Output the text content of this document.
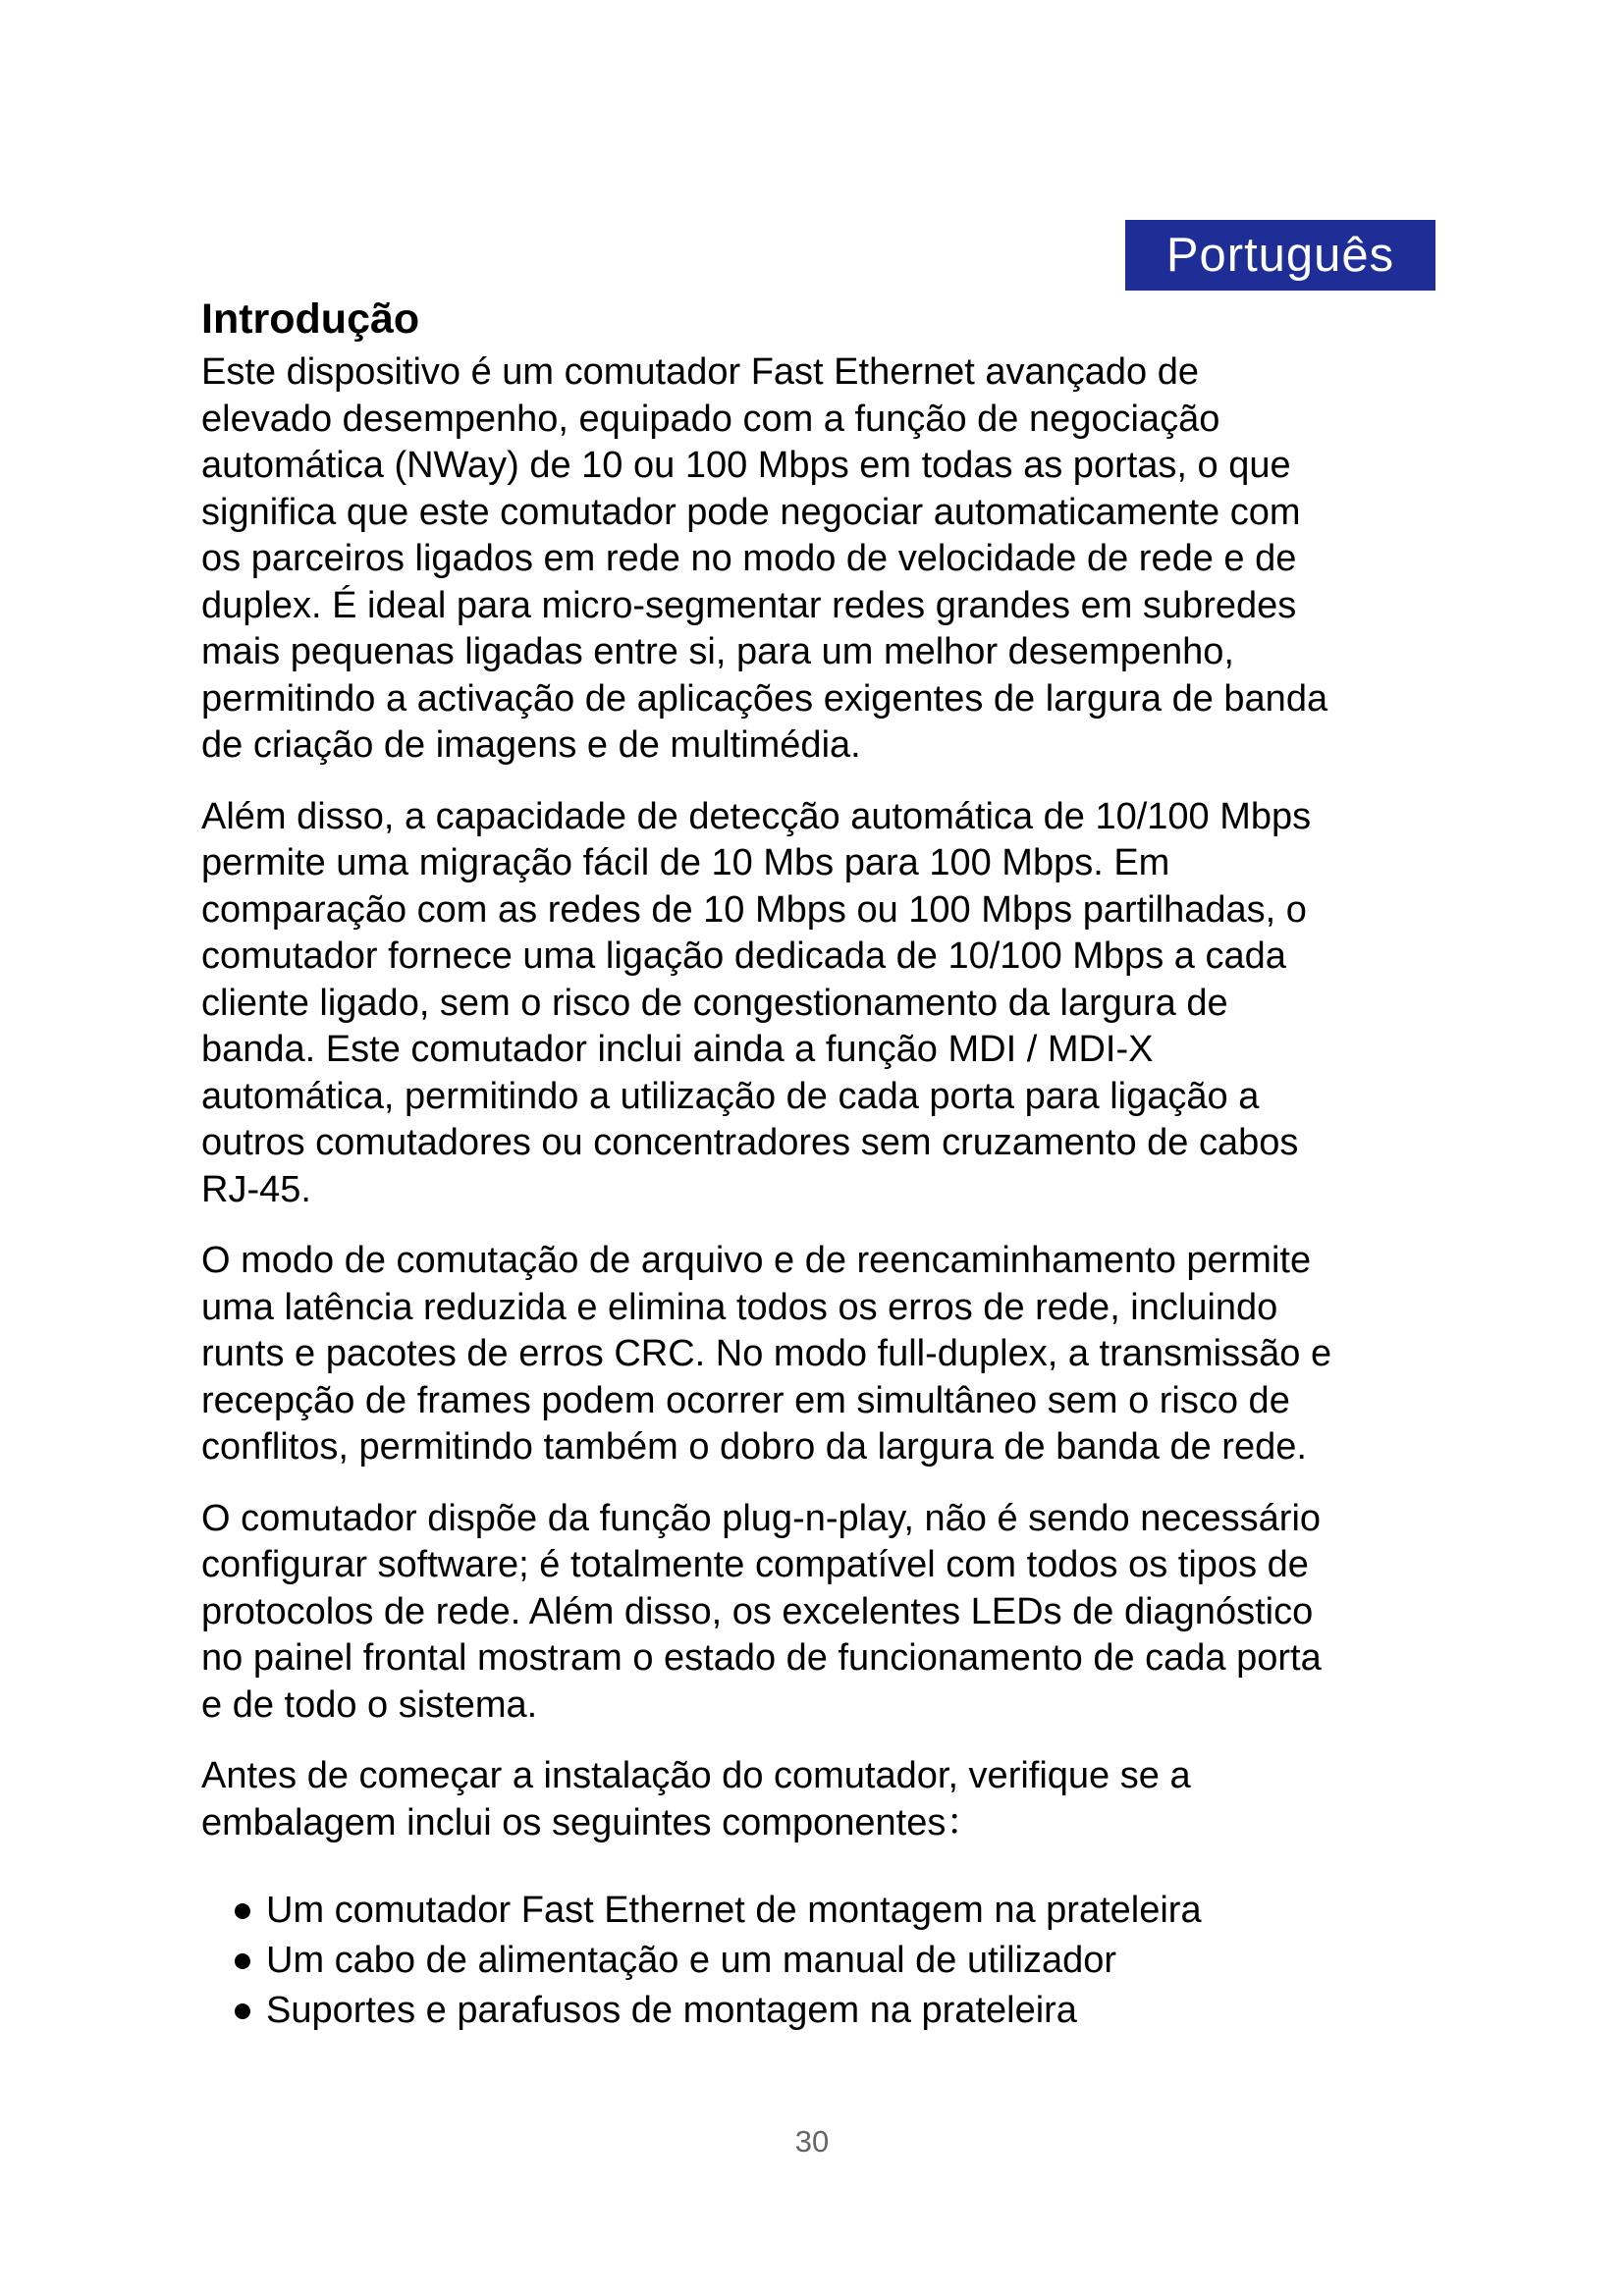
Português
Introdução

Este dispositivo é um comutador Fast Ethernet avançado de
elevado desempenho, equipado com a função de negociação
automática (NWay) de 10 ou 100 Mbps em todas as portas, o que
significa que este comutador pode negociar automaticamente com
os parceiros ligados em rede no modo de velocidade de rede e de
duplex. É ideal para micro-segmentar redes grandes em subredes
mais pequenas ligadas entre si, para um melhor desempenho,
permitindo a activação de aplicações exigentes de largura de banda
de criação de imagens e de multimédia.

Além disso, a capacidade de detecção automática de 10/100 Mbps
permite uma migração fácil de 10 Mbs para 100 Mbps. Em
comparação com as redes de 10 Mbps ou 100 Mbps partilhadas, o
comutador fornece uma ligação dedicada de 10/100 Mbps a cada
cliente ligado, sem o risco de congestionamento da largura de
banda. Este comutador inclui ainda a função MDI / MDI-X
automática, permitindo a utilização de cada porta para ligação a
outros comutadores ou concentradores sem cruzamento de cabos
RJ-45.

O modo de comutação de arquivo e de reencaminhamento permite
uma latência reduzida e elimina todos os erros de rede, incluindo
runts e pacotes de erros CRC. No modo full-duplex, a transmissão e
recepção de frames podem ocorrer em simultâneo sem o risco de
conflitos, permitindo também o dobro da largura de banda de rede.

O comutador dispõe da função plug-n-play, não é sendo necessário
configurar software; é totalmente compatível com todos os tipos de
protocolos de rede. Além disso, os excelentes LEDs de diagnóstico
no painel frontal mostram o estado de funcionamento de cada porta
e de todo o sistema.

Antes de começar a instalação do comutador, verifique se a
embalagem inclui os seguintes componentes：

Um comutador Fast Ethernet de montagem na prateleira
Um cabo de alimentação e um manual de utilizador
Suportes e parafusos de montagem na prateleira
30
